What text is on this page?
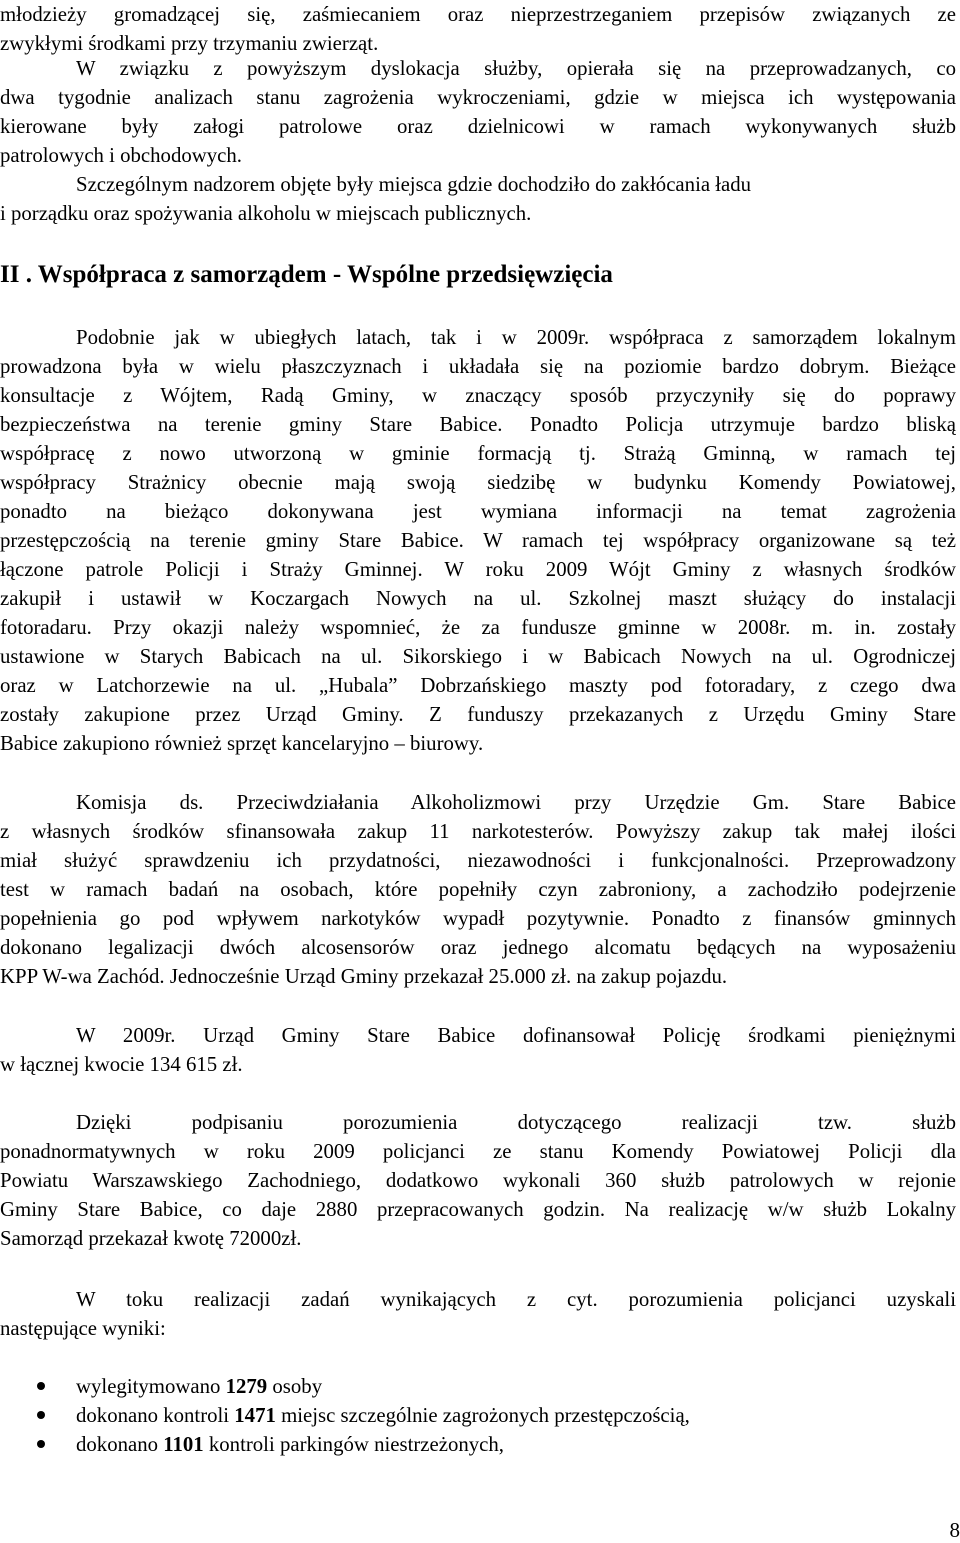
młodzieży gromadzącej się, zaśmiecaniem oraz nieprzestrzeganiem przepisów związanych ze
zwykłymi środkami przy trzymaniu zwierząt.
W związku z powyższym dyslokacja służby, opierała się na przeprowadzanych, co
dwa tygodnie analizach stanu zagrożenia wykroczeniami, gdzie w miejsca ich występowania
kierowane były załogi patrolowe oraz dzielnicowi w ramach wykonywanych służb
patrolowych i obchodowych.
Szczególnym nadzorem objęte były miejsca gdzie dochodziło do zakłócania ładu
i porządku oraz spożywania alkoholu w miejscach publicznych.
II . Współpraca z samorządem - Wspólne przedsięwzięcia
Podobnie jak w ubiegłych latach, tak i w 2009r. współpraca z samorządem lokalnym
prowadzona była w wielu płaszczyznach i układała się na poziomie bardzo dobrym. Bieżące
konsultacje z Wójtem, Radą Gminy, w znaczący sposób przyczyniły się do poprawy
bezpieczeństwa na terenie gminy Stare Babice. Ponadto Policja utrzymuje bardzo bliską
współpracę z nowo utworzoną w gminie formacją tj. Strażą Gminną, w ramach tej
współpracy Strażnicy obecnie mają swoją siedzibę w budynku Komendy Powiatowej,
ponadto na bieżąco dokonywana jest wymiana informacji na temat zagrożenia
przestępczością na terenie gminy Stare Babice. W ramach tej współpracy organizowane są też
łączone patrole Policji i Straży Gminnej. W roku 2009 Wójt Gminy z własnych środków
zakupił i ustawił w Koczargach Nowych na ul. Szkolnej maszt służący do instalacji
fotoradaru. Przy okazji należy wspomnieć, że za fundusze gminne w 2008r. m. in. zostały
ustawione w Starych Babicach na ul. Sikorskiego i w Babicach Nowych na ul. Ogrodniczej
oraz w Latchorzewie na ul. „Hubala” Dobrzańskiego maszty pod fotoradary, z czego dwa
zostały zakupione przez Urząd Gminy. Z funduszy przekazanych z Urzędu Gminy Stare
Babice zakupiono również sprzęt kancelaryjno – biurowy.
Komisja ds. Przeciwdziałania Alkoholizmowi przy Urzędzie Gm. Stare Babice
z własnych środków sfinansowała zakup 11 narkotesterów. Powyższy zakup tak małej ilości
miał służyć sprawdzeniu ich przydatności, niezawodności i funkcjonalności. Przeprowadzony
test w ramach badań na osobach, które popełniły czyn zabroniony, a zachodziło podejrzenie
popełnienia go pod wpływem narkotyków wypadł pozytywnie. Ponadto z finansów gminnych
dokonano legalizacji dwóch alcosensorów oraz jednego alcomatu będących na wyposażeniu
KPP W-wa Zachód. Jednocześnie Urząd Gminy przekazał 25.000 zł. na zakup pojazdu.
W 2009r. Urząd Gminy Stare Babice dofinansował Policję środkami pieniężnymi
w łącznej kwocie 134 615 zł.
Dzięki podpisaniu porozumienia dotyczącego realizacji tzw. służb
ponadnormatywnych w roku 2009 policjanci ze stanu Komendy Powiatowej Policji dla
Powiatu Warszawskiego Zachodniego, dodatkowo wykonali 360 służb patrolowych w rejonie
Gminy Stare Babice, co daje 2880 przepracowanych godzin. Na realizację w/w służb Lokalny
Samorząd przekazał kwotę 72000zł.
W toku realizacji zadań wynikających z cyt. porozumienia policjanci uzyskali
następujące wyniki:
wylegitymowano 1279 osoby
dokonano kontroli 1471 miejsc szczególnie zagrożonych przestępczością,
dokonano 1101 kontroli parkingów niestrzeżonych,
8
